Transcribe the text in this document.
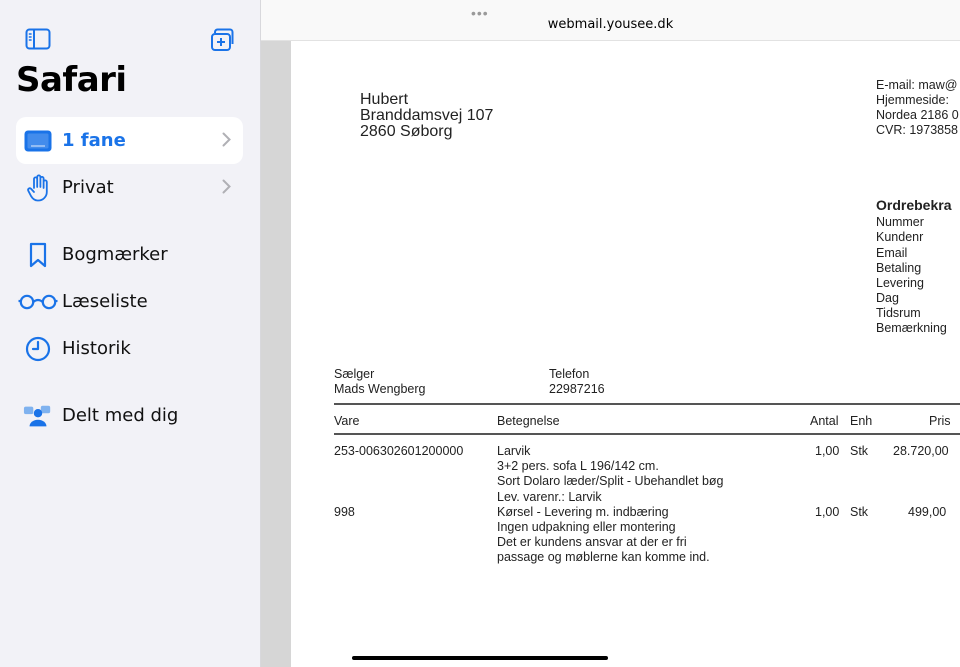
Safari
1 fane
Privat
Bogmærker
Læseliste
Historik
Delt med dig
•••
webmail.yousee.dk
Hubert
Branddamsvej 107
2860 Søborg
E-mail: maw@
Hjemmeside:
Nordea 2186 0
CVR: 1973858
Ordrebekra
Nummer
Kundenr
Email
Betaling
Levering
Dag
Tidsrum
Bemærkning
Sælger
Mads Wengberg
Telefon
22987216
Vare	Betegnelse	Antal Enh	Pris
253-006302601200000	Larvik
3+2 pers. sofa L 196/142 cm.
Sort Dolaro læder/Split - Ubehandlet bøg
Lev. varenr.: Larvik
1,00 Stk 28.720,00
998	Kørsel - Levering m. indbæring
Ingen udpakning eller montering
Det er kundens ansvar at der er fri
passage og møblerne kan komme ind.
1,00 Stk	499,00
